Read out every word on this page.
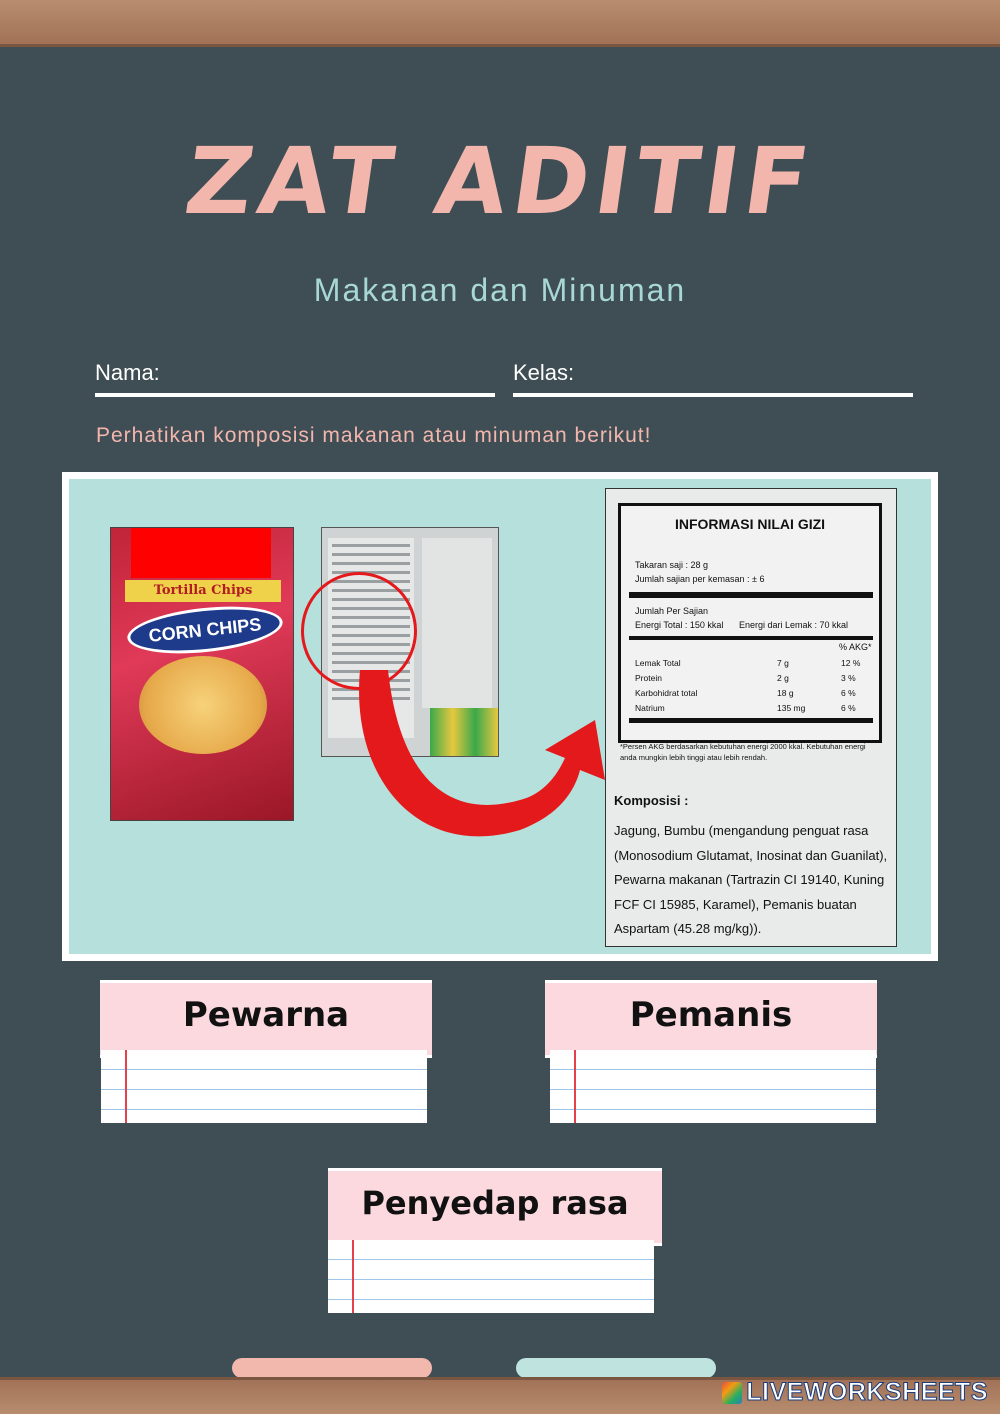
ZAT ADITIF
Makanan dan Minuman
Nama:	Kelas:
Perhatikan komposisi makanan atau minuman berikut!
Tortilla Chips
CORN CHIPS
INFORMASI NILAI GIZI
Takaran saji : 28 g
Jumlah sajian per kemasan : ± 6
Jumlah Per Sajian
Energi Total : 150 kkal Energi dari Lemak : 70 kkal
% AKG*
Lemak Total	7 g	12 %
Protein	2 g	3 %
Karbohidrat total	18 g	6 %
Natrium	135 mg	6 %
*Persen AKG berdasarkan kebutuhan energi 2000 kkal. Kebutuhan energi anda mungkin lebih tinggi atau lebih rendah.
Komposisi :
Jagung, Bumbu (mengandung penguat rasa (Monosodium Glutamat, Inosinat dan Guanilat), Pewarna makanan (Tartrazin CI 19140, Kuning FCF CI 15985, Karamel), Pemanis buatan Aspartam (45.28 mg/kg)).
Pewarna	Pemanis
Penyedap rasa
LIVEWORKSHEETS
